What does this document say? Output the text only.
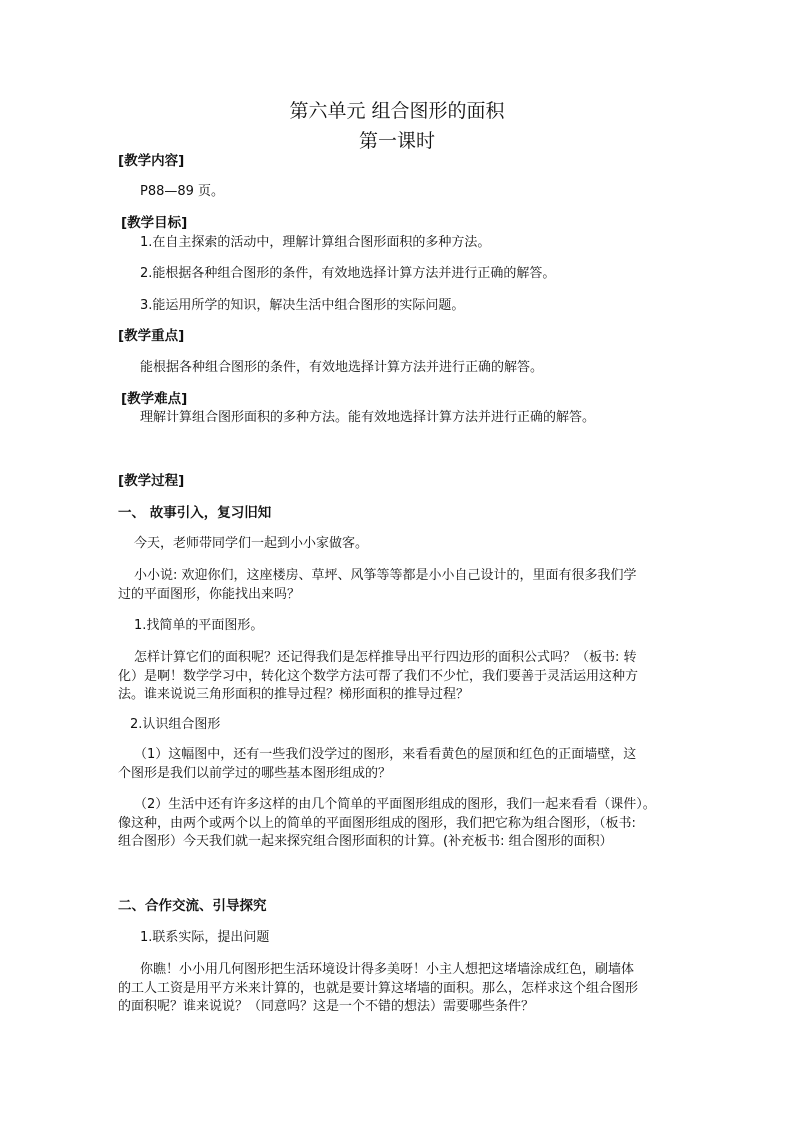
第六单元 组合图形的面积
第一课时
[教学内容]
P88—89 页。
[教学目标]
1.在自主探索的活动中，理解计算组合图形面积的多种方法。
2.能根据各种组合图形的条件，有效地选择计算方法并进行正确的解答。
3.能运用所学的知识，解决生活中组合图形的实际问题。
[教学重点]
能根据各种组合图形的条件，有效地选择计算方法并进行正确的解答。
[教学难点]
理解计算组合图形面积的多种方法。能有效地选择计算方法并进行正确的解答。
[教学过程]
一、 故事引入，复习旧知
今天，老师带同学们一起到小小家做客。
小小说: 欢迎你们，这座楼房、草坪、风筝等等都是小小自己设计的，里面有很多我们学
过的平面图形，你能找出来吗？
1.找简单的平面图形。
怎样计算它们的面积呢？还记得我们是怎样推导出平行四边形的面积公式吗？（板书: 转
化）是啊！数学学习中，转化这个数学方法可帮了我们不少忙，我们要善于灵活运用这种方
法。谁来说说三角形面积的推导过程？梯形面积的推导过程？
2.认识组合图形
（1）这幅图中，还有一些我们没学过的图形，来看看黄色的屋顶和红色的正面墙壁，这
个图形是我们以前学过的哪些基本图形组成的？
（2）生活中还有许多这样的由几个简单的平面图形组成的图形，我们一起来看看（课件）。
像这种，由两个或两个以上的简单的平面图形组成的图形，我们把它称为组合图形，（板书:
组合图形）今天我们就一起来探究组合图形面积的计算。(补充板书: 组合图形的面积）
二、合作交流、引导探究
1.联系实际，提出问题
你瞧！小小用几何图形把生活环境设计得多美呀！小主人想把这堵墙涂成红色，刷墙体
的工人工资是用平方米来计算的，也就是要计算这堵墙的面积。那么，怎样求这个组合图形
的面积呢？谁来说说？（同意吗？这是一个不错的想法）需要哪些条件？
